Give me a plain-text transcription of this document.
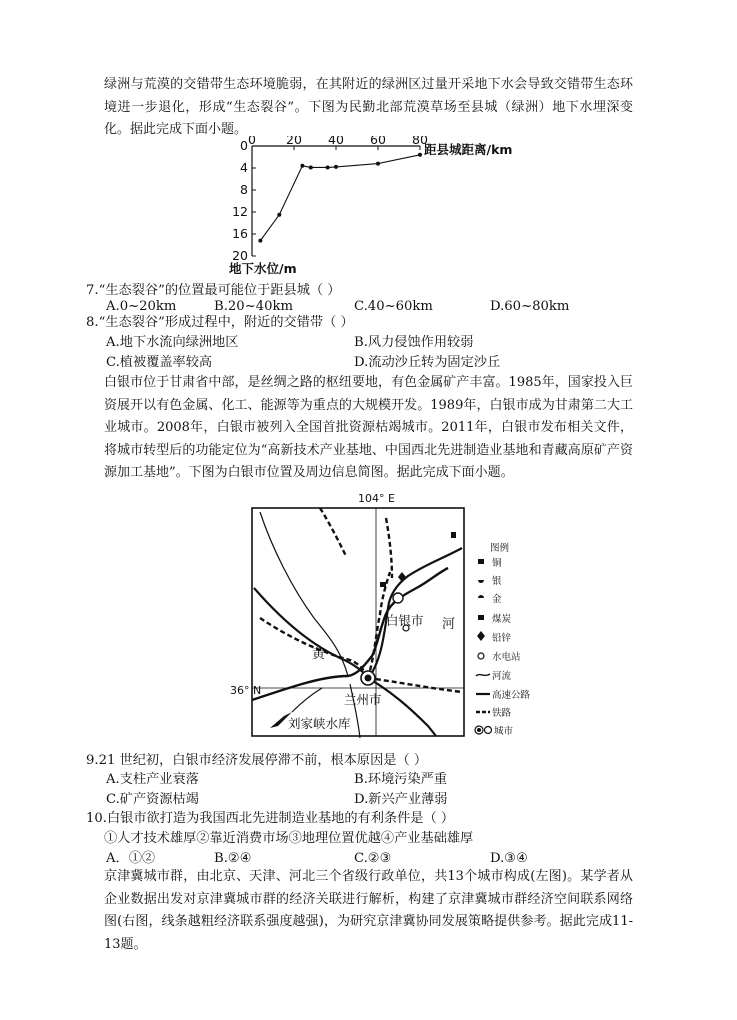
绿洲与荒漠的交错带生态环境脆弱，在其附近的绿洲区过量开采地下水会导致交错带生态环境进一步退化，形成“生态裂谷”。下图为民勤北部荒漠草场至县城（绿洲）地下水埋深变化。据此完成下面小题。
0 20 40 60 80
0
4
8
12
16
20
距县城距离/km
地下水位/m
7.“生态裂谷”的位置最可能位于距县城（ ）
A.0~20km	B.20~40km	C.40~60km	D.60~80km
8.“生态裂谷”形成过程中，附近的交错带（ ）
A.地下水流向绿洲地区	B.风力侵蚀作用较弱
C.植被覆盖率较高	D.流动沙丘转为固定沙丘
白银市位于甘肃省中部，是丝绸之路的枢纽要地，有色金属矿产丰富。1985年，国家投入巨资展开以有色金属、化工、能源等为重点的大规模开发。1989年，白银市成为甘肃第二大工业城市。2008年，白银市被列入全国首批资源枯竭城市。2011年，白银市发布相关文件，将城市转型后的功能定位为“高新技术产业基地、中国西北先进制造业基地和青藏高原矿产资源加工基地”。下图为白银市位置及周边信息简图。据此完成下面小题。
104° E
36° N
白银市
兰州市
黄
河
刘家峡水库
图例
铜
银
金
煤炭
铅锌
水电站
河流
高速公路
铁路
城市
9.21 世纪初，白银市经济发展停滞不前，根本原因是（ ）
A.支柱产业衰落	B.环境污染严重
C.矿产资源枯竭	D.新兴产业薄弱
10.白银市欲打造为我国西北先进制造业基地的有利条件是（ ）
①人才技术雄厚②靠近消费市场③地理位置优越④产业基础雄厚
A．①②	B.②④	C.②③	D.③④
京津冀城市群，由北京、天津、河北三个省级行政单位，共13个城市构成(左图)。某学者从企业数据出发对京津冀城市群的经济关联进行解析，构建了京津冀城市群经济空间联系网络图(右图，线条越粗经济联系强度越强)，为研究京津冀协同发展策略提供参考。据此完成11-13题。
